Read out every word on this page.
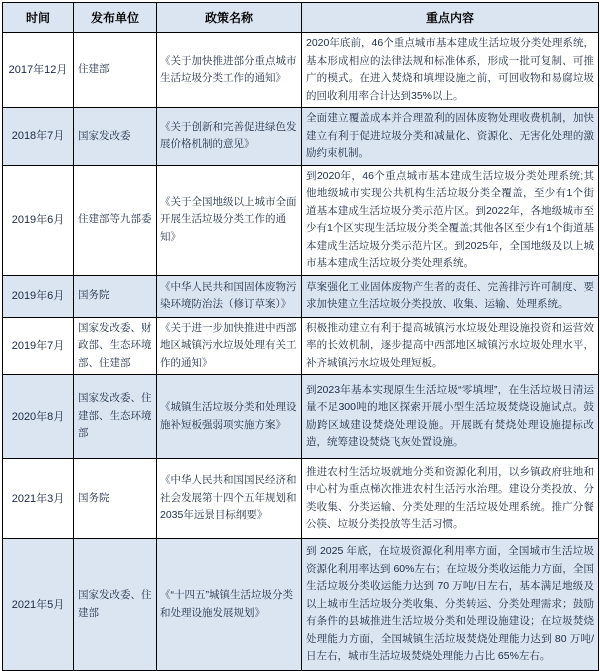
时间	发布单位	政策名称	重点内容
2017年12月	住建部	《关于加快推进部分重点城市生活垃圾分类工作的通知》	2020年底前，46个重点城市基本建成生活垃圾分类处理系统，基本形成相应的法律法规和标准体系，形成一批可复制、可推广的模式。在进入焚烧和填埋设施之前，可回收物和易腐垃圾的回收利用率合计达到35%以上。
2018年7月	国家发改委	《关于创新和完善促进绿色发展价格机制的意见》	全面建立覆盖成本并合理盈利的固体废物处理收费机制，加快建立有利于促进垃圾分类和减量化、资源化、无害化处理的激励约束机制。
2019年6月	住建部等九部委	《关于全国地级以上城市全面开展生活垃圾分类工作的通知》	到2020年，46个重点城市基本建成生活垃圾分类处理系统;其他地级城市实现公共机构生活垃圾分类全覆盖，至少有1个街道基本建成生活垃圾分类示范片区。到2022年，各地级城市至少有1个区实现生活垃圾分类全覆盖;其他各区至少有1个街道基本建成生活垃圾分类示范片区。到2025年，全国地级及以上城市基本建成生活垃圾分类处理系统。
2019年6月	国务院	《中华人民共和国固体废物污染环境防治法（修订草案）》	草案强化工业固体废物产生者的责任、完善排污许可制度、要求加快建立生活垃圾分类投放、收集、运输、处理系统。
2019年7月	国家发改委、财政部、生态环境部、住建部	《关于进一步加快推进中西部地区城镇污水垃圾处理有关工作的通知》	积极推动建立有利于提高城镇污水垃圾处理设施投资和运营效率的长效机制，逐步提高中西部地区城镇污水垃圾处理水平，补齐城镇污水垃圾处理短板。
2020年8月	国家发改委、住建部、生态环境部	《城镇生活垃圾分类和处理设施补短板强弱项实施方案》	到2023年基本实现原生生活垃圾“零填埋”，在生活垃圾日清运量不足300吨的地区探索开展小型生活垃圾焚烧设施试点。鼓励跨区域建设焚烧处理设施。开展既有焚烧处理设施提标改造，统筹建设焚烧飞灰处置设施。
2021年3月	国务院	《中华人民共和国国民经济和社会发展第十四个五年规划和2035年远景目标纲要》	推进农村生活垃圾就地分类和资源化利用，以乡镇政府驻地和中心村为重点梯次推进农村生活污水治理。建设分类投放、分类收集、分类运输、分类处理的生活垃圾处理系统。推广分餐公筷、垃圾分类投放等生活习惯。
2021年5月	国家发改委、住建部	《“十四五”城镇生活垃圾分类和处理设施发展规划》	到 2025 年底，在垃圾资源化利用率方面，全国城市生活垃圾资源化利用率达到 60%左右；在垃圾分类收运能力方面，全国生活垃圾分类收运能力达到 70 万吨/日左右，基本满足地级及以上城市生活垃圾分类收集、分类转运、分类处理需求；鼓励有条件的县城推进生活垃圾分类和处理设施建设；在垃圾焚烧处理能力方面，全国城镇生活垃圾焚烧处理能力达到 80 万吨/日左右，城市生活垃圾焚烧处理能力占比 65%左右。
